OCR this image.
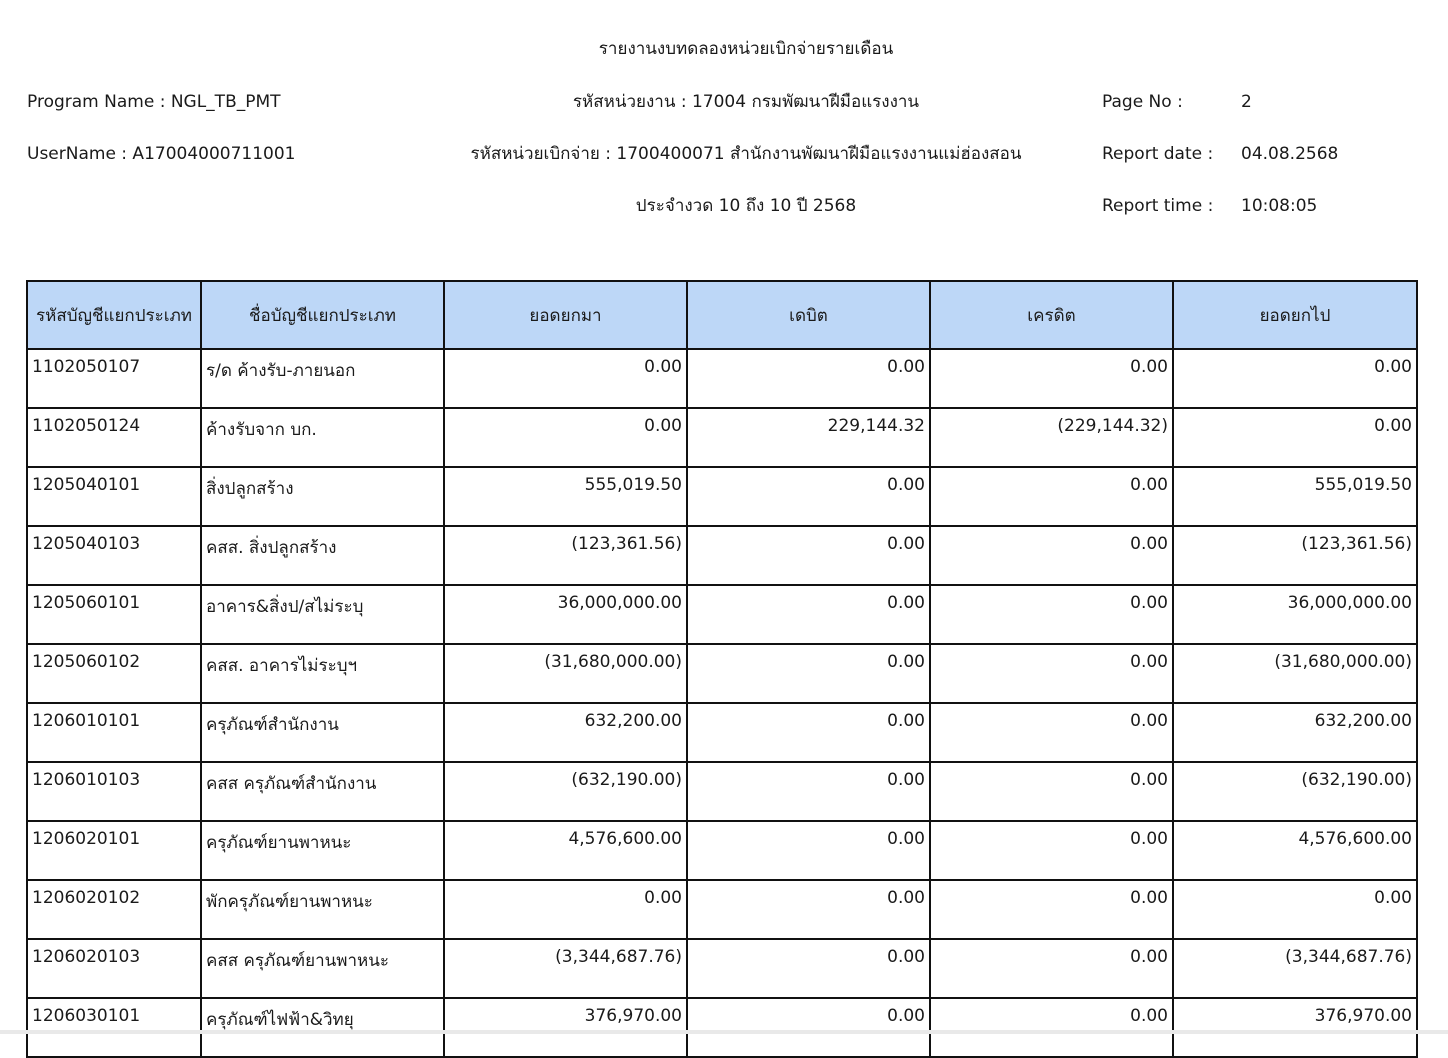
รายงานงบทดลองหน่วยเบิกจ่ายรายเดือน
Program Name : NGL_TB_PMT
UserName : A17004000711001
รหัสหน่วยงาน : 17004 กรมพัฒนาฝีมือแรงงาน
รหัสหน่วยเบิกจ่าย : 1700400071 สำนักงานพัฒนาฝีมือแรงงานแม่ฮ่องสอน
ประจำงวด 10 ถึง 10 ปี 2568
Page No :	2
Report date : 04.08.2568
Report time : 10:08:05
รหัสบัญชีแยกประเภท	ชื่อบัญชีแยกประเภท	ยอดยกมา	เดบิต	เครดิต	ยอดยกไป
1102050107	ร/ด ค้างรับ-ภายนอก	0.00	0.00	0.00	0.00
1102050124	ค้างรับจาก บก.	0.00	229,144.32	(229,144.32)	0.00
1205040101	สิ่งปลูกสร้าง	555,019.50	0.00	0.00	555,019.50
1205040103	คสส. สิ่งปลูกสร้าง	(123,361.56)	0.00	0.00	(123,361.56)
1205060101	อาคาร&สิ่งป/สไม่ระบุ	36,000,000.00	0.00	0.00	36,000,000.00
1205060102	คสส. อาคารไม่ระบุฯ	(31,680,000.00)	0.00	0.00	(31,680,000.00)
1206010101	ครุภัณฑ์สำนักงาน	632,200.00	0.00	0.00	632,200.00
1206010103	คสส ครุภัณฑ์สำนักงาน	(632,190.00)	0.00	0.00	(632,190.00)
1206020101	ครุภัณฑ์ยานพาหนะ	4,576,600.00	0.00	0.00	4,576,600.00
1206020102	พักครุภัณฑ์ยานพาหนะ	0.00	0.00	0.00	0.00
1206020103	คสส ครุภัณฑ์ยานพาหนะ	(3,344,687.76)	0.00	0.00	(3,344,687.76)
1206030101	ครุภัณฑ์ไฟฟ้า&วิทยุ	376,970.00	0.00	0.00	376,970.00
